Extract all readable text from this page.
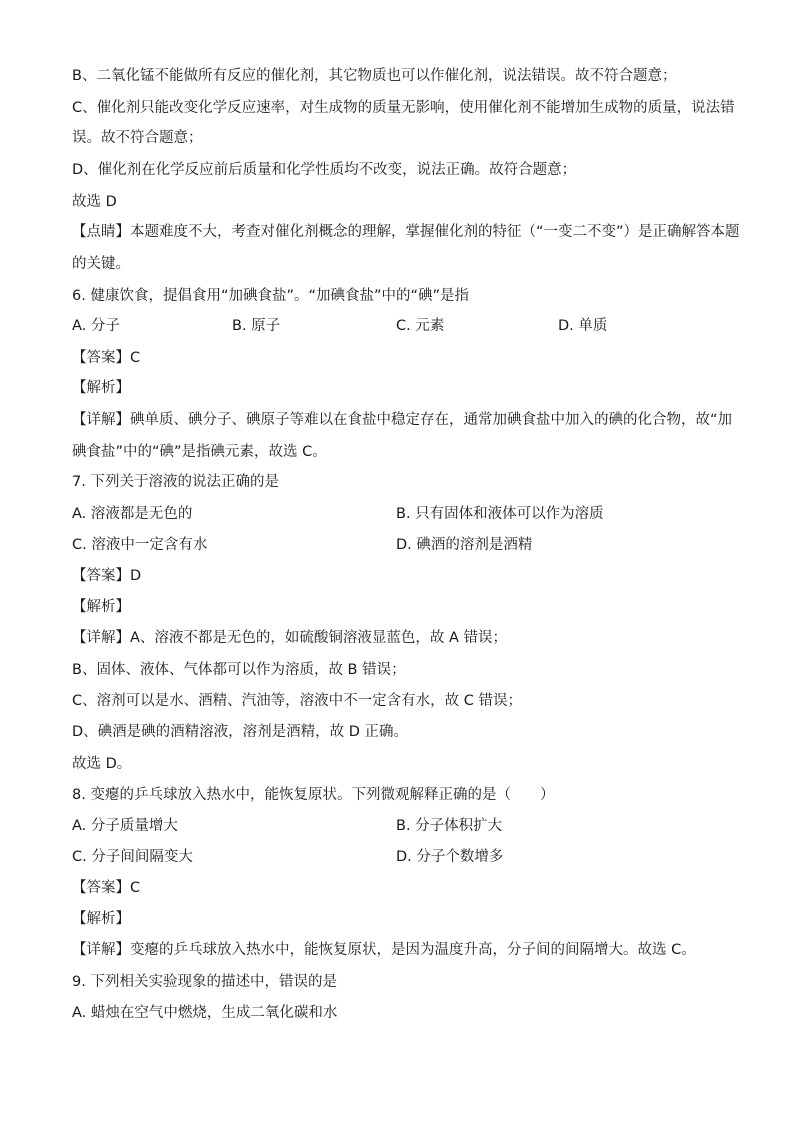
B、二氧化锰不能做所有反应的催化剂，其它物质也可以作催化剂，说法错误。故不符合题意；
C、催化剂只能改变化学反应速率，对生成物的质量无影响，使用催化剂不能增加生成物的质量，说法错
误。故不符合题意；
D、催化剂在化学反应前后质量和化学性质均不改变，说法正确。故符合题意；
故选 D
【点睛】本题难度不大，考查对催化剂概念的理解，掌握催化剂的特征（“一变二不变”）是正确解答本题
的关键。
6. 健康饮食，提倡食用“加碘食盐”。“加碘食盐”中的“碘”是指
A. 分子	B. 原子	C. 元素	D. 单质
【答案】C
【解析】
【详解】碘单质、碘分子、碘原子等难以在食盐中稳定存在，通常加碘食盐中加入的碘的化合物，故“加
碘食盐”中的“碘”是指碘元素，故选 C。
7. 下列关于溶液的说法正确的是
A. 溶液都是无色的	B. 只有固体和液体可以作为溶质
C. 溶液中一定含有水	D. 碘酒的溶剂是酒精
【答案】D
【解析】
【详解】A、溶液不都是无色的，如硫酸铜溶液显蓝色，故 A 错误；
B、固体、液体、气体都可以作为溶质，故 B 错误；
C、溶剂可以是水、酒精、汽油等，溶液中不一定含有水，故 C 错误；
D、碘酒是碘的酒精溶液，溶剂是酒精，故 D 正确。
故选 D。
8. 变瘪的乒乓球放入热水中，能恢复原状。下列微观解释正确的是（　　）
A. 分子质量增大	B. 分子体积扩大
C. 分子间间隔变大	D. 分子个数增多
【答案】C
【解析】
【详解】变瘪的乒乓球放入热水中，能恢复原状，是因为温度升高，分子间的间隔增大。故选 C。
9. 下列相关实验现象的描述中，错误的是
A. 蜡烛在空气中燃烧，生成二氧化碳和水
